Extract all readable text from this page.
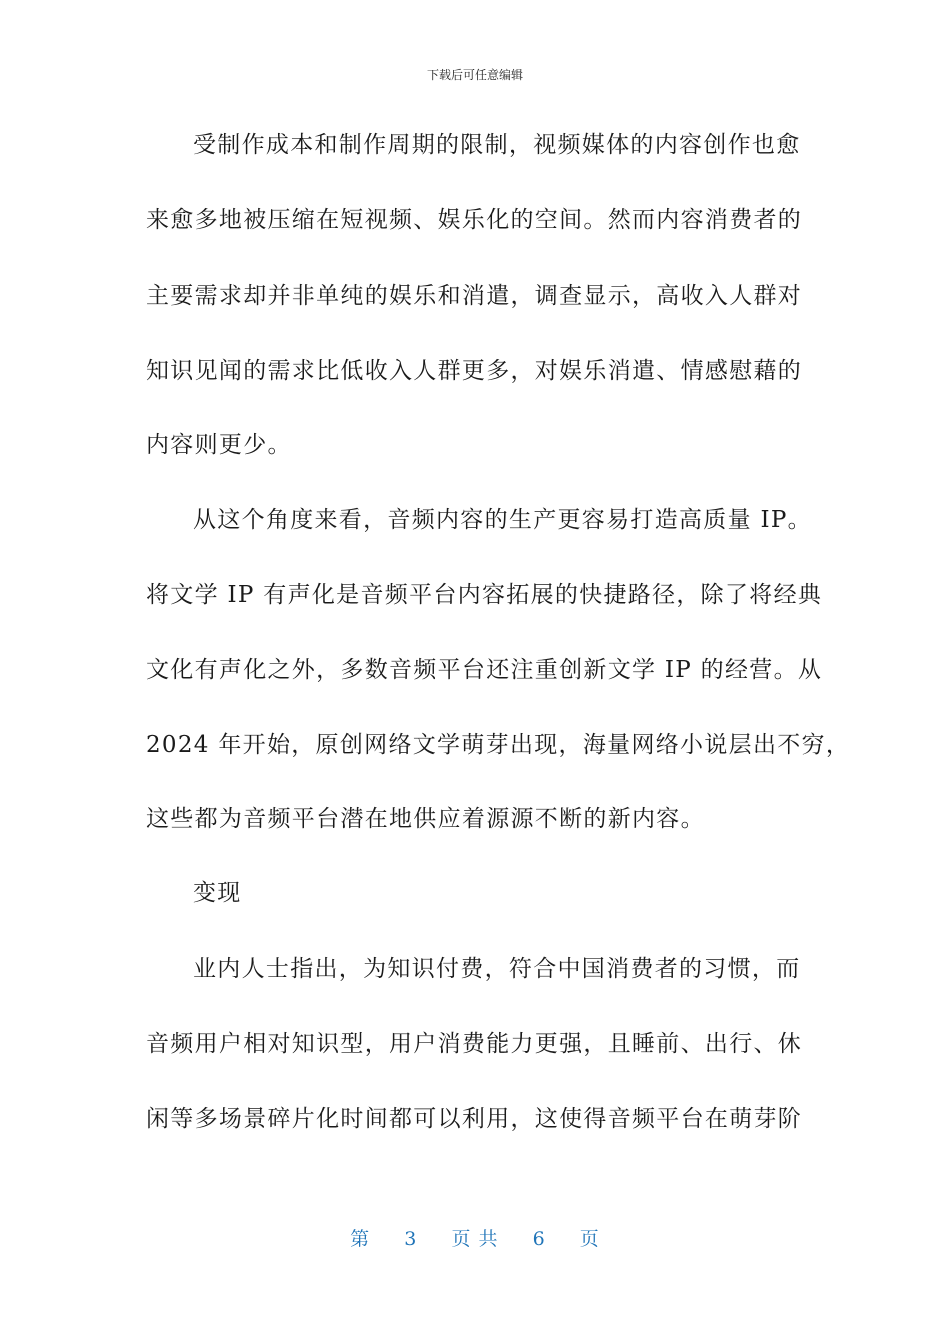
下载后可任意编辑
受制作成本和制作周期的限制，视频媒体的内容创作也愈
来愈多地被压缩在短视频、娱乐化的空间。然而内容消费者的
主要需求却并非单纯的娱乐和消遣，调查显示，高收入人群对
知识见闻的需求比低收入人群更多，对娱乐消遣、情感慰藉的
内容则更少。
从这个角度来看，音频内容的生产更容易打造高质量 IP。
将文学 IP 有声化是音频平台内容拓展的快捷路径，除了将经典
文化有声化之外，多数音频平台还注重创新文学 IP 的经营。从
2024 年开始，原创网络文学萌芽出现，海量网络小说层出不穷，
这些都为音频平台潜在地供应着源源不断的新内容。
变现
业内人士指出，为知识付费，符合中国消费者的习惯，而
音频用户相对知识型，用户消费能力更强，且睡前、出行、休
闲等多场景碎片化时间都可以利用，这使得音频平台在萌芽阶
第 3 页 共 6 页
